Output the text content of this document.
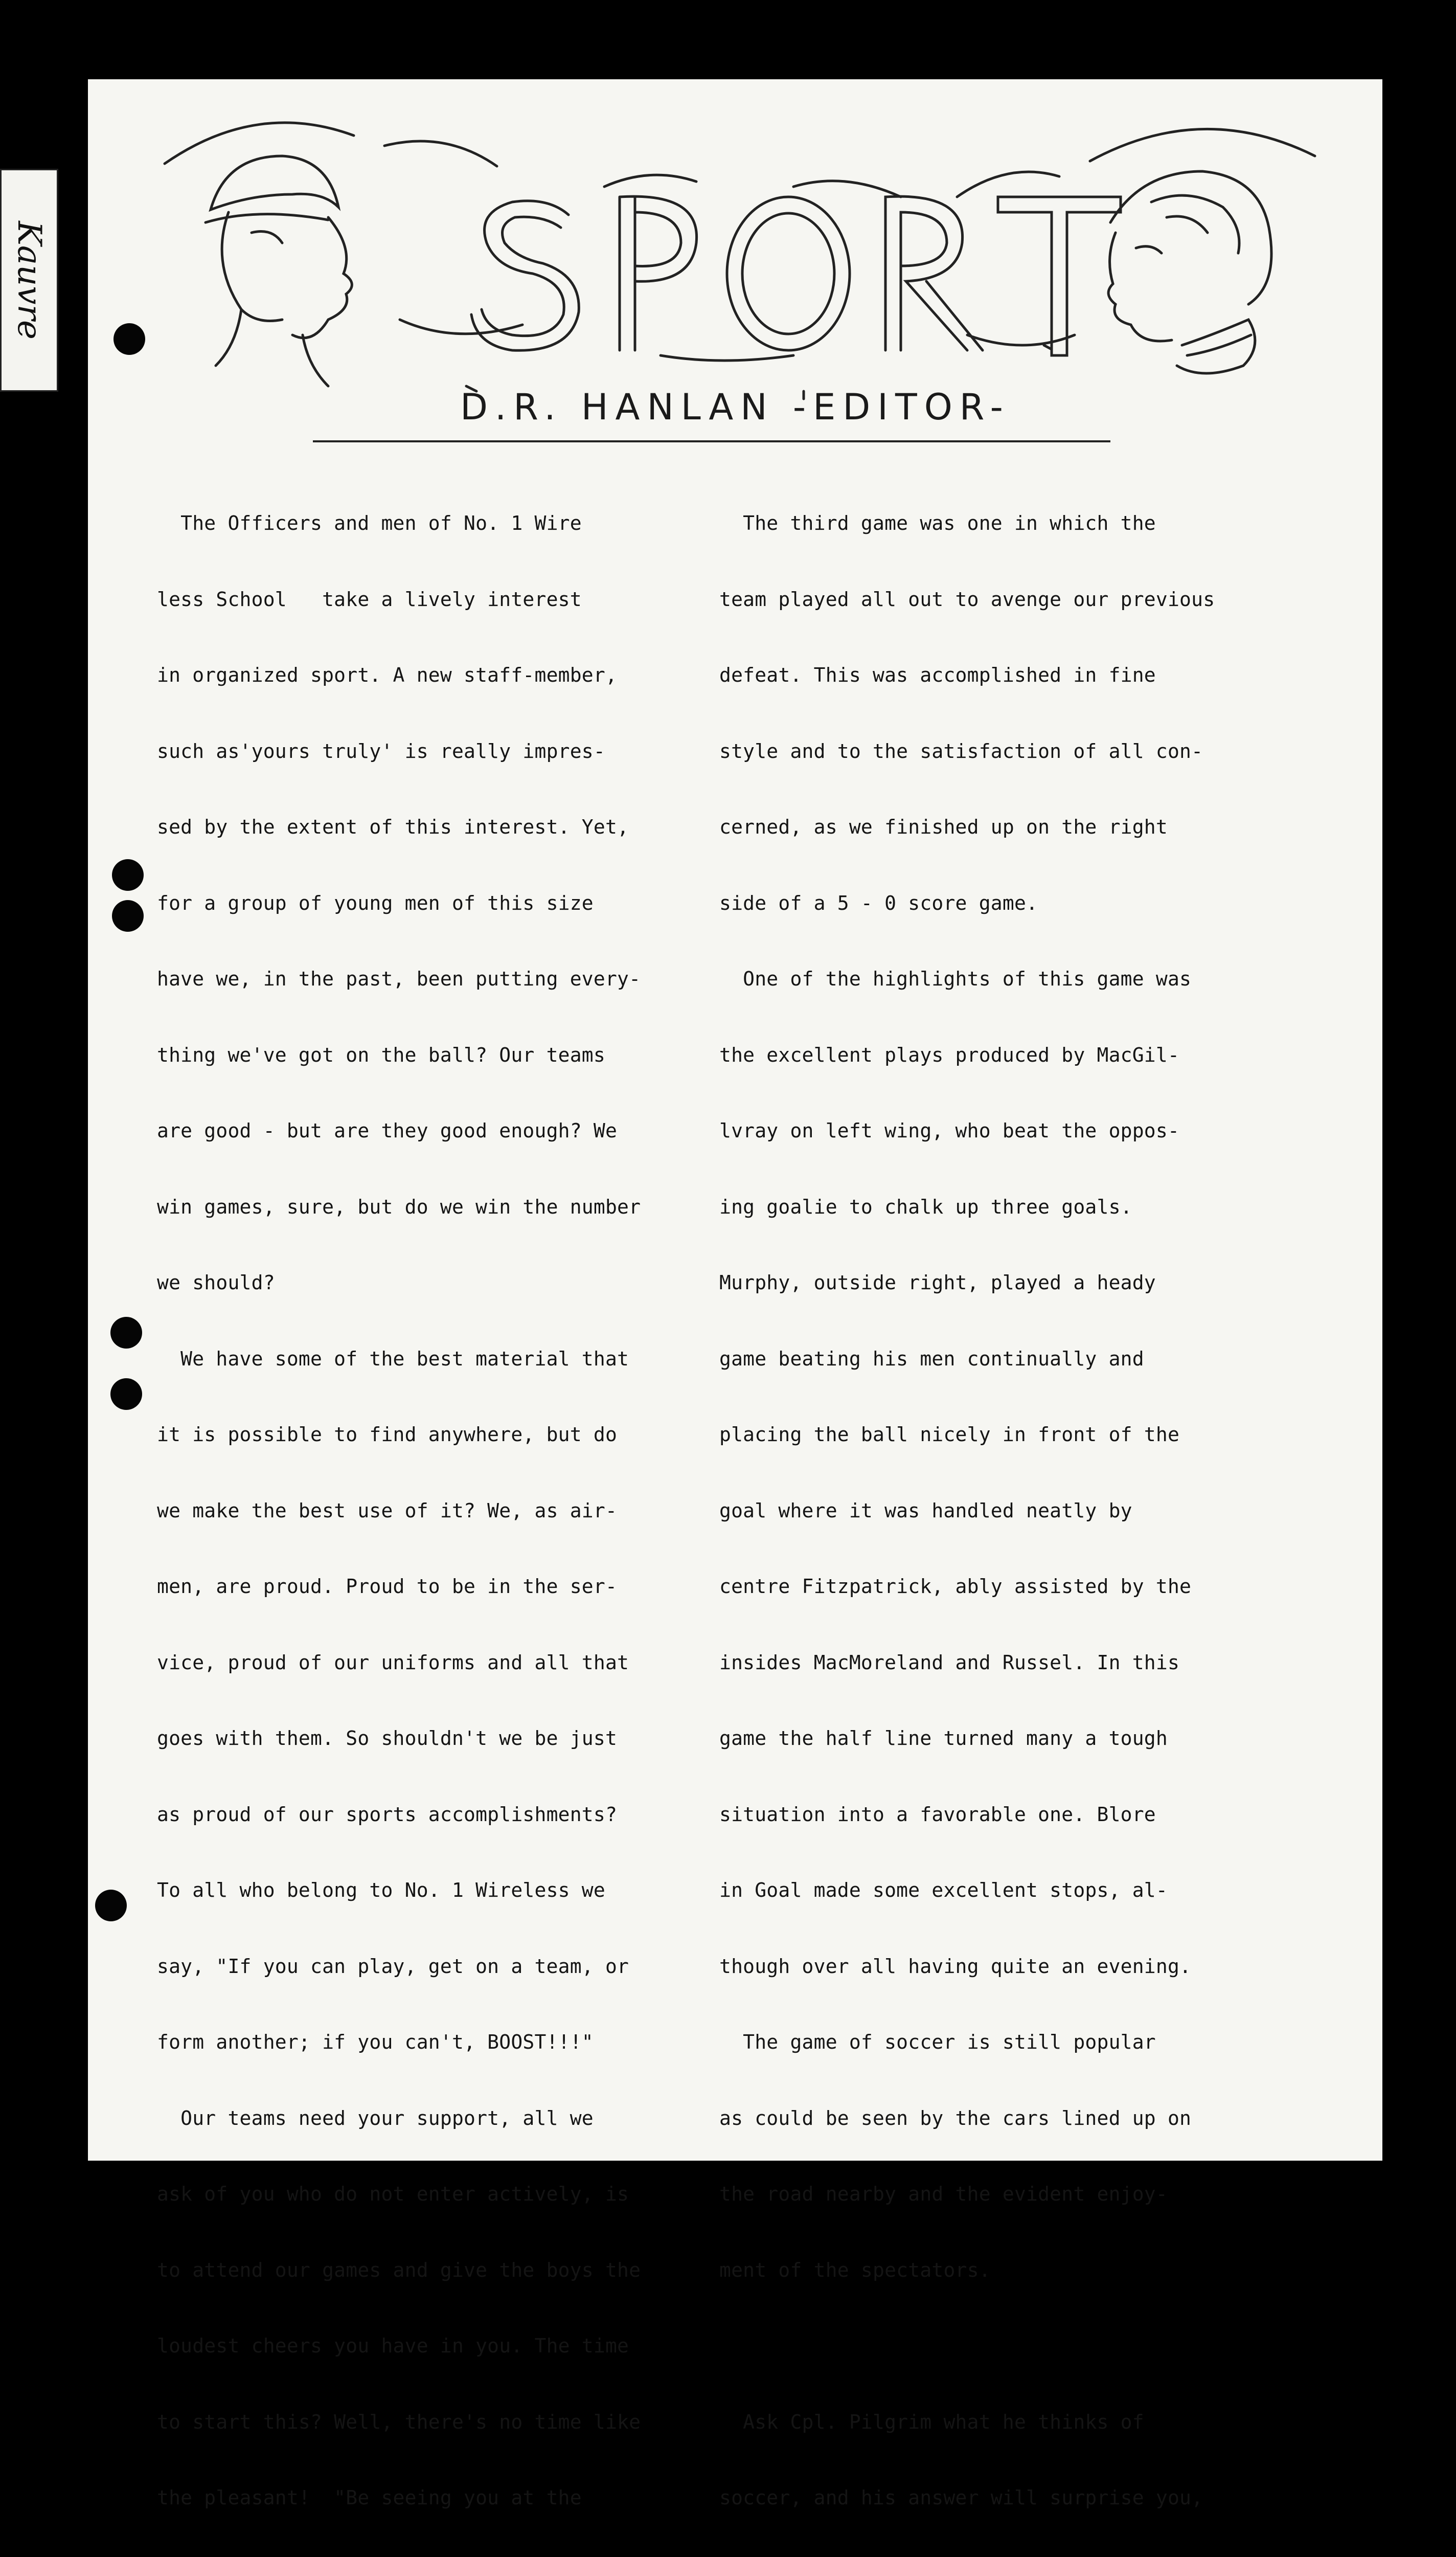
Kauvre
D.R. HANLAN -EDITOR-

The Officers and men of No. 1 Wire

less School   take a lively interest

in organized sport. A new staff-member,

such as'yours truly' is really impres-

sed by the extent of this interest. Yet,

for a group of young men of this size

have we, in the past, been putting every-

thing we've got on the ball? Our teams

are good - but are they good enough? We

win games, sure, but do we win the number

we should?

We have some of the best material that

it is possible to find anywhere, but do

we make the best use of it? We, as air-

men, are proud. Proud to be in the ser-

vice, proud of our uniforms and all that

goes with them. So shouldn't we be just

as proud of our sports accomplishments?

To all who belong to No. 1 Wireless we

say, "If you can play, get on a team, or

form another; if you can't, BOOST!!!"

Our teams need your support, all we

ask of you who do not enter actively, is

to attend our games and give the boys the

loudest cheers you have in you. The time

to start this? Well, there's no time like

the pleasant!  "Be seeing you at the

The third game was one in which the

team played all out to avenge our previous

defeat. This was accomplished in fine

style and to the satisfaction of all con-

cerned, as we finished up on the right

side of a 5 - 0 score game.

One of the highlights of this game was

the excellent plays produced by MacGil-

lvray on left wing, who beat the oppos-

ing goalie to chalk up three goals.

Murphy, outside right, played a heady

game beating his men continually and

placing the ball nicely in front of the

goal where it was handled neatly by

centre Fitzpatrick, ably assisted by the

insides MacMoreland and Russel. In this

game the half line turned many a tough

situation into a favorable one. Blore

in Goal made some excellent stops, al-

though over all having quite an evening.

The game of soccer is still popular

as could be seen by the cars lined up on

the road nearby and the evident enjoy-

ment of the spectators.

Ask Cpl. Pilgrim what he thinks of

soccer, and his answer will surprise you,
